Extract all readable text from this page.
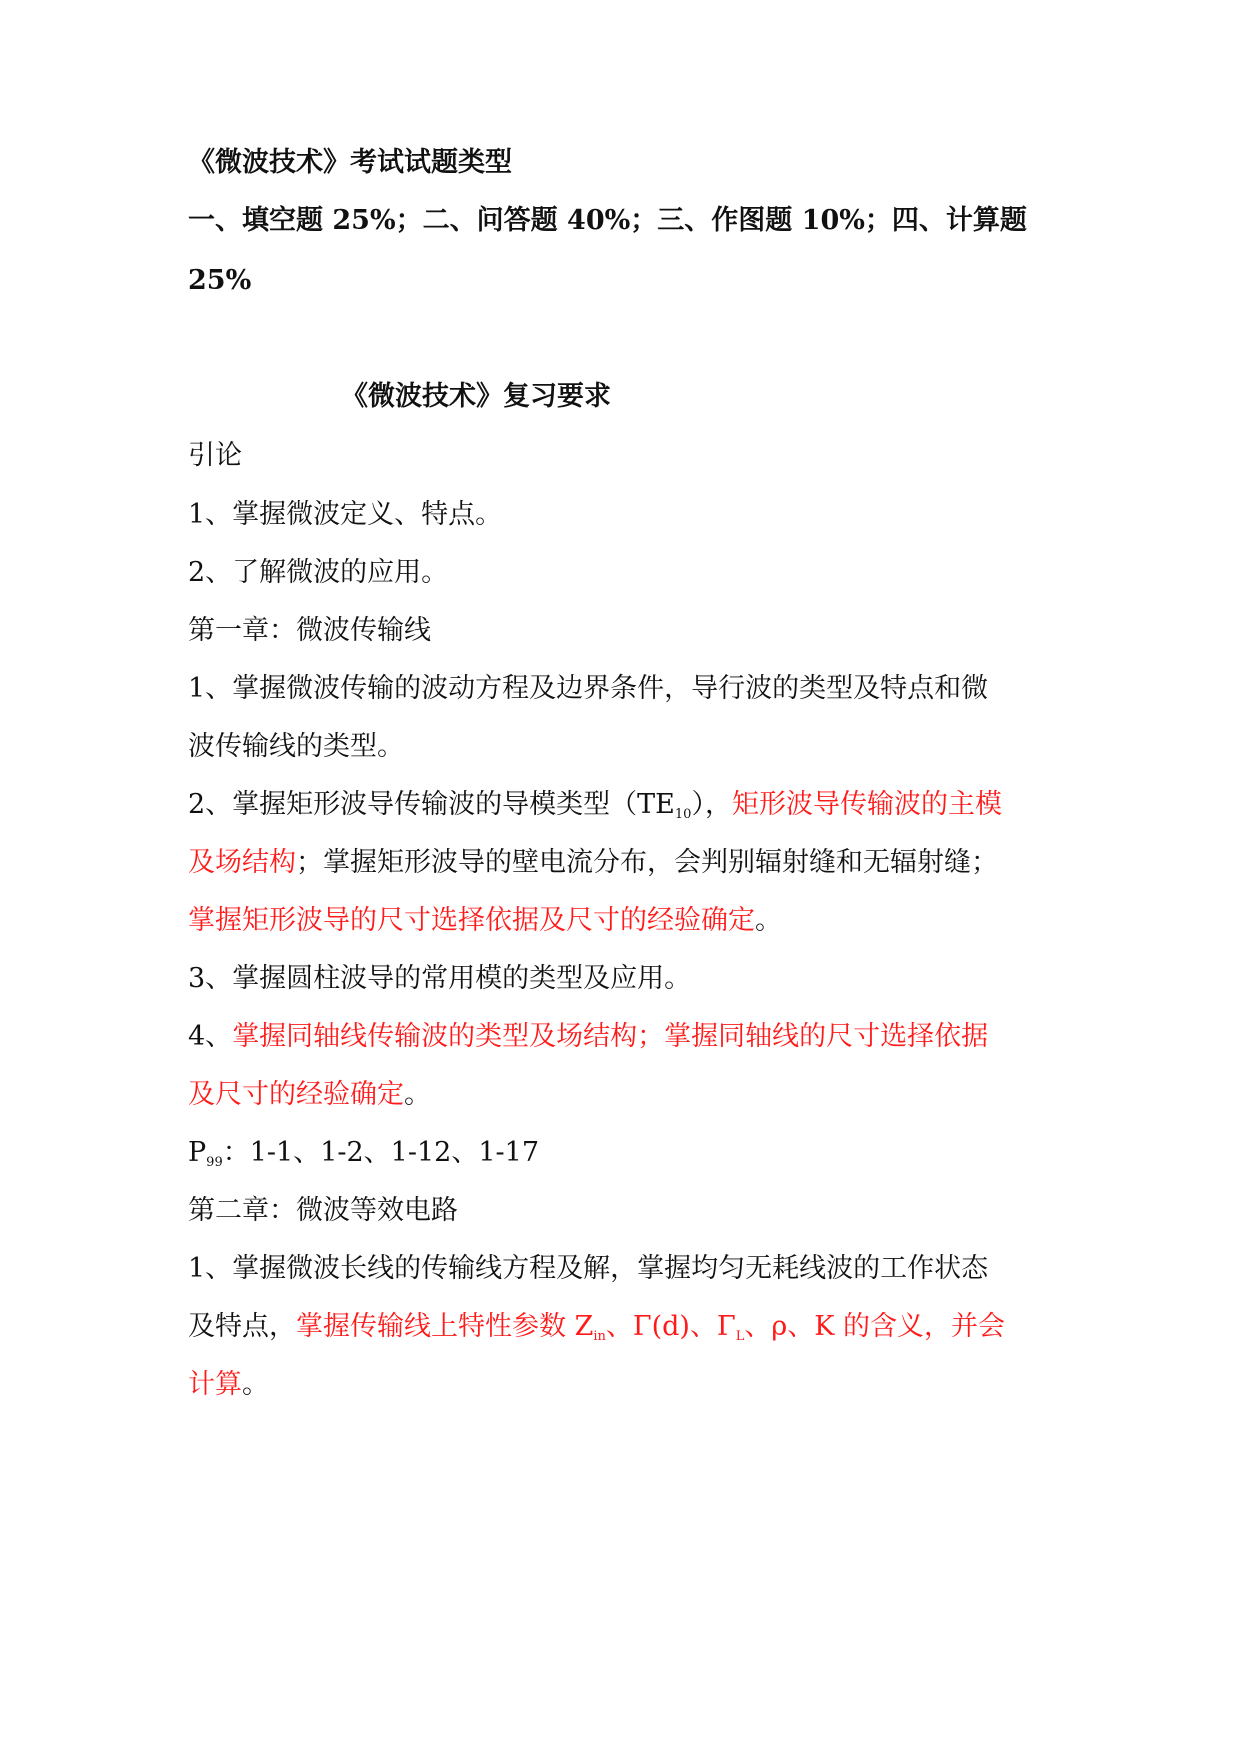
《微波技术》考试试题类型
一、填空题 25%；二、问答题 40%；三、作图题 10%；四、计算题
25%
《微波技术》复习要求
引论
1、掌握微波定义、特点。
2、了解微波的应用。
第一章：微波传输线
1、掌握微波传输的波动方程及边界条件，导行波的类型及特点和微
波传输线的类型。
2、掌握矩形波导传输波的导模类型$(TE_{10})$，矩形波导传输波的主模
及场结构；掌握矩形波导的壁电流分布，会判别辐射缝和无辐射缝；
掌握矩形波导的尺寸选择依据及尺寸的经验确定。
3、掌握圆柱波导的常用模的类型及应用。
4、掌握同轴线传输波的类型及场结构；掌握同轴线的尺寸选择依据
及尺寸的经验确定。
$P_{99}$：1-1、1-2、1-12、1-17
第二章：微波等效电路
1、掌握微波长线的传输线方程及解，掌握均匀无耗线波的工作状态
及特点，掌握传输线上特性参数 $Z_{in}$、Γ(d)、$\Gamma_L$、ρ、K 的含义，并会
计算。
